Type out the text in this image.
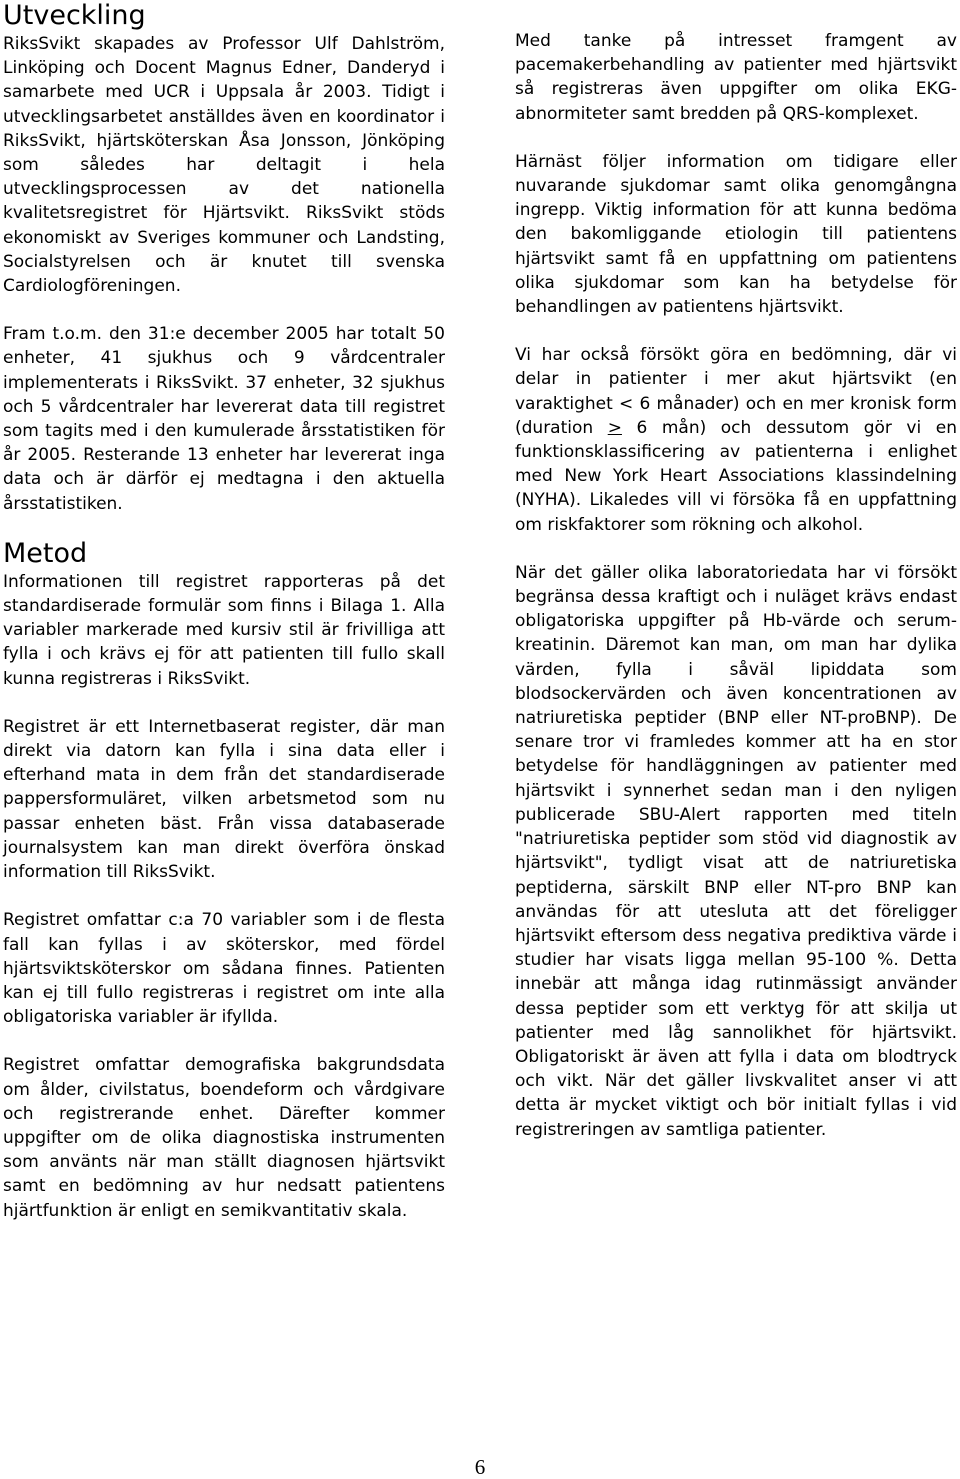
Utveckling

RiksSvikt skapades av Professor Ulf Dahlström, Linköping och Docent Magnus Edner, Danderyd i samarbete med UCR i Uppsala år 2003. Tidigt i utvecklingsarbetet anställdes även en koordinator i RiksSvikt, hjärtsköterskan Åsa Jonsson, Jönköping som således har deltagit i hela utvecklingsprocessen av det nationella kvalitetsregistret för Hjärtsvikt. RiksSvikt stöds ekonomiskt av Sveriges kommuner och Landsting, Socialstyrelsen och är knutet till svenska Cardiologföreningen.

Fram t.o.m. den 31:e december 2005 har totalt 50 enheter, 41 sjukhus och 9 vårdcentraler implementerats i RiksSvikt. 37 enheter, 32 sjukhus och 5 vårdcentraler har levererat data till registret som tagits med i den kumulerade årsstatistiken för år 2005. Resterande 13 enheter har levererat inga data och är därför ej medtagna i den aktuella årsstatistiken.

Metod

Informationen till registret rapporteras på det standardiserade formulär som finns i Bilaga 1. Alla variabler markerade med kursiv stil är frivilliga att fylla i och krävs ej för att patienten till fullo skall kunna registreras i RiksSvikt.

Registret är ett Internetbaserat register, där man direkt via datorn kan fylla i sina data eller i efterhand mata in dem från det standardiserade pappersformuläret, vilken arbetsmetod som nu passar enheten bäst. Från vissa databaserade journalsystem kan man direkt överföra önskad information till RiksSvikt.

Registret omfattar c:a 70 variabler som i de flesta fall kan fyllas i av sköterskor, med fördel hjärtsviktsköterskor om sådana finnes. Patienten kan ej till fullo registreras i registret om inte alla obligatoriska variabler är ifyllda.

Registret omfattar demografiska bakgrundsdata om ålder, civilstatus, boendeform och vårdgivare och registrerande enhet. Därefter kommer uppgifter om de olika diagnostiska instrumenten som använts när man ställt diagnosen hjärtsvikt samt en bedömning av hur nedsatt patientens hjärtfunktion är enligt en semikvantitativ skala.

Med tanke på intresset framgent av pacemakerbehandling av patienter med hjärtsvikt så registreras även uppgifter om olika EKG-abnormiteter samt bredden på QRS-komplexet.

Härnäst följer information om tidigare eller nuvarande sjukdomar samt olika genomgångna ingrepp. Viktig information för att kunna bedöma den bakomliggande etiologin till patientens hjärtsvikt samt få en uppfattning om patientens olika sjukdomar som kan ha betydelse för behandlingen av patientens hjärtsvikt.

Vi har också försökt göra en bedömning, där vi delar in patienter i mer akut hjärtsvikt (en varaktighet < 6 månader) och en mer kronisk form (duration ≥ 6 mån) och dessutom gör vi en funktionsklassificering av patienterna i enlighet med New York Heart Associations klassindelning (NYHA). Likaledes vill vi försöka få en uppfattning om riskfaktorer som rökning och alkohol.

När det gäller olika laboratoriedata har vi försökt begränsa dessa kraftigt och i nuläget krävs endast obligatoriska uppgifter på Hb-värde och serum-kreatinin. Däremot kan man, om man har dylika värden, fylla i såväl lipiddata som blodsockervärden och även koncentrationen av natriuretiska peptider (BNP eller NT-proBNP). De senare tror vi framledes kommer att ha en stor betydelse för handläggningen av patienter med hjärtsvikt i synnerhet sedan man i den nyligen publicerade SBU-Alert rapporten med titeln "natriuretiska peptider som stöd vid diagnostik av hjärtsvikt", tydligt visat att de natriuretiska peptiderna, särskilt BNP eller NT-pro BNP kan användas för att utesluta att det föreligger hjärtsvikt eftersom dess negativa prediktiva värde i studier har visats ligga mellan 95-100 %. Detta innebär att många idag rutinmässigt använder dessa peptider som ett verktyg för att skilja ut patienter med låg sannolikhet för hjärtsvikt. Obligatoriskt är även att fylla i data om blodtryck och vikt. När det gäller livskvalitet anser vi att detta är mycket viktigt och bör initialt fyllas i vid registreringen av samtliga patienter.

6
